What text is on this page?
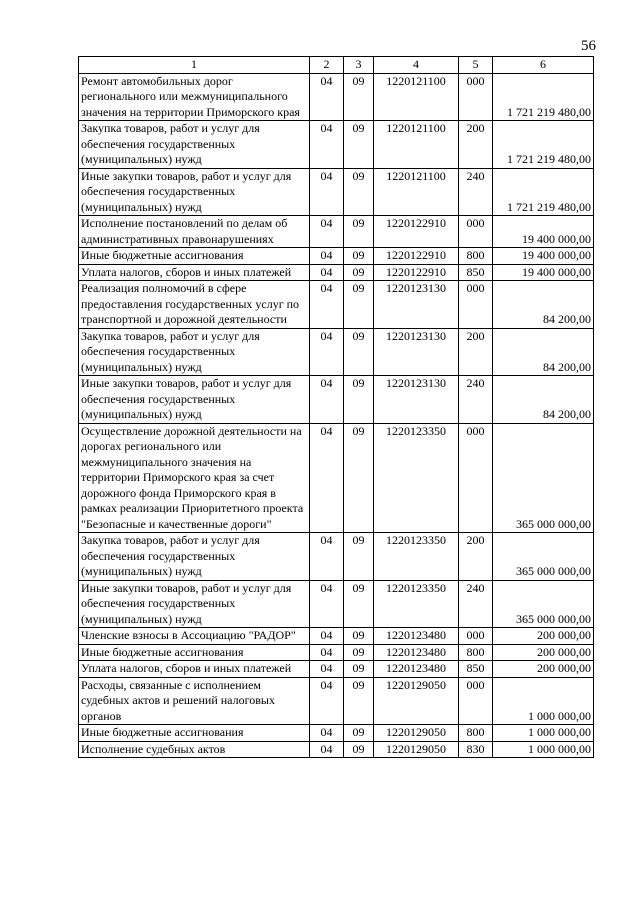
56
1	2	3	4	5	6
Ремонт автомобильных дорог регионального или межмуниципального значения на территории Приморского края	04	09	1220121100	000	1 721 219 480,00
Закупка товаров, работ и услуг для обеспечения государственных (муниципальных) нужд	04	09	1220121100	200	1 721 219 480,00
Иные закупки товаров, работ и услуг для обеспечения государственных (муниципальных) нужд	04	09	1220121100	240	1 721 219 480,00
Исполнение постановлений по делам об административных правонарушениях	04	09	1220122910	000	19 400 000,00
Иные бюджетные ассигнования	04	09	1220122910	800	19 400 000,00
Уплата налогов, сборов и иных платежей	04	09	1220122910	850	19 400 000,00
Реализация полномочий в сфере предоставления государственных услуг по транспортной и дорожной деятельности	04	09	1220123130	000	84 200,00
Закупка товаров, работ и услуг для обеспечения государственных (муниципальных) нужд	04	09	1220123130	200	84 200,00
Иные закупки товаров, работ и услуг для обеспечения государственных (муниципальных) нужд	04	09	1220123130	240	84 200,00
Осуществление дорожной деятельности на дорогах регионального или межмуниципального значения на территории Приморского края за счет дорожного фонда Приморского края в рамках реализации Приоритетного проекта "Безопасные и качественные дороги"	04	09	1220123350	000	365 000 000,00
Закупка товаров, работ и услуг для обеспечения государственных (муниципальных) нужд	04	09	1220123350	200	365 000 000,00
Иные закупки товаров, работ и услуг для обеспечения государственных (муниципальных) нужд	04	09	1220123350	240	365 000 000,00
Членские взносы в Ассоциацию "РАДОР"	04	09	1220123480	000	200 000,00
Иные бюджетные ассигнования	04	09	1220123480	800	200 000,00
Уплата налогов, сборов и иных платежей	04	09	1220123480	850	200 000,00
Расходы, связанные с исполнением судебных актов и решений налоговых органов	04	09	1220129050	000	1 000 000,00
Иные бюджетные ассигнования	04	09	1220129050	800	1 000 000,00
Исполнение судебных актов	04	09	1220129050	830	1 000 000,00
